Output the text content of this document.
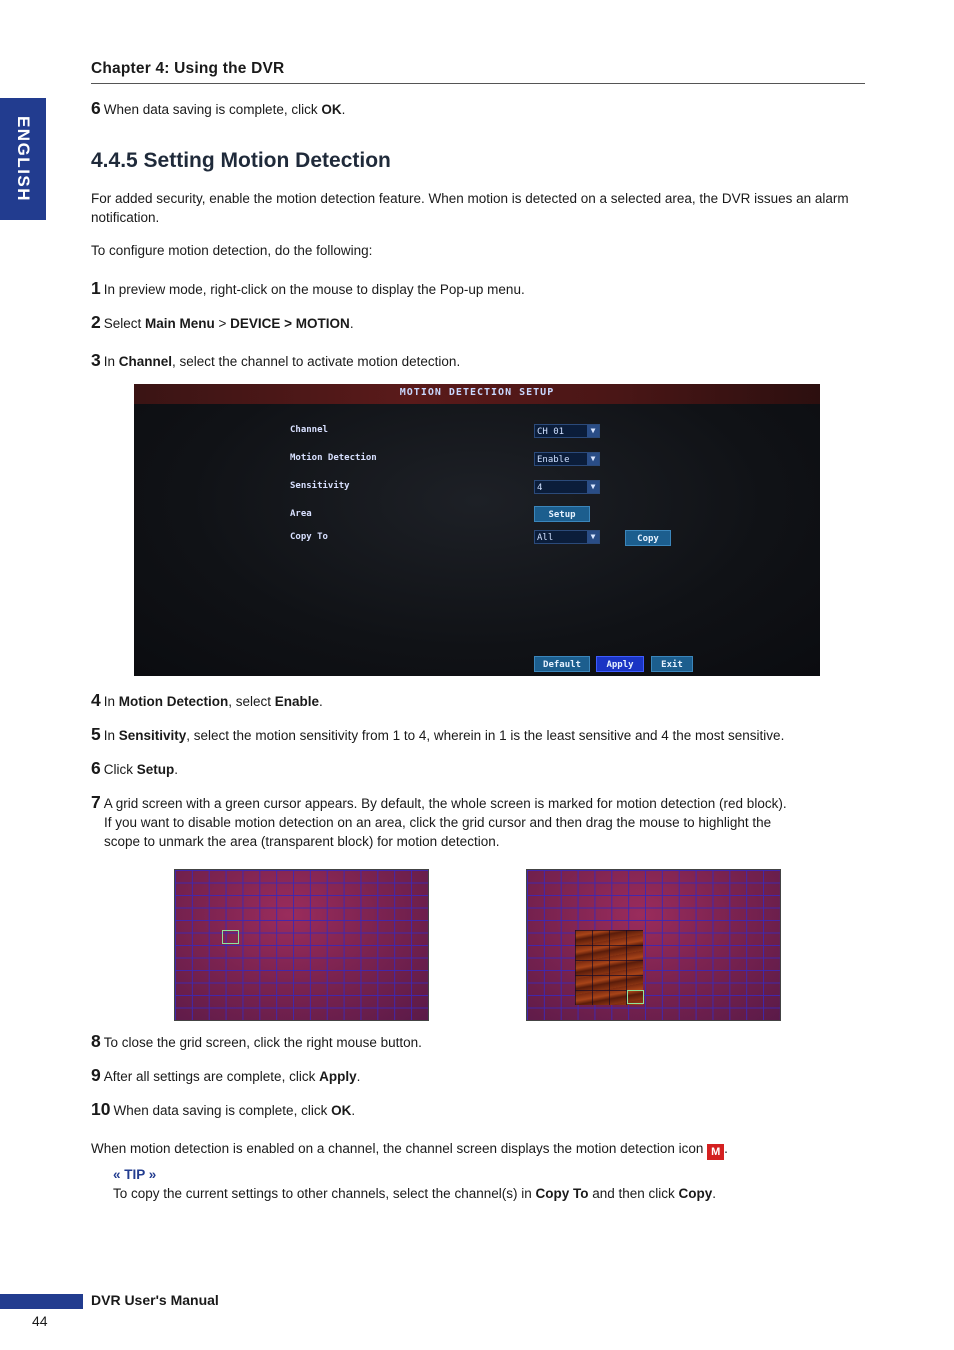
Chapter 4: Using the DVR
ENGLISH
6 When data saving is complete, click OK.
4.4.5 Setting Motion Detection
For added security, enable the motion detection feature. When motion is detected on a selected area, the DVR issues an alarm notification.
To configure motion detection, do the following:
1 In preview mode, right-click on the mouse to display the Pop-up menu.
2 Select Main Menu > DEVICE > MOTION.
3 In Channel, select the channel to activate motion detection.
MOTION DETECTION SETUP
Channel	CH 01	▼
Motion Detection	Enable	▼
Sensitivity	4	▼
Area	Setup
Copy To	All	▼	Copy
Default	Apply	Exit
4 In Motion Detection, select Enable.
5 In Sensitivity, select the motion sensitivity from 1 to 4, wherein in 1 is the least sensitive and 4 the most sensitive.
6 Click Setup.
7 A grid screen with a green cursor appears. By default, the whole screen is marked for motion detection (red block).
If you want to disable motion detection on an area, click the grid cursor and then drag the mouse to highlight the
scope to unmark the area (transparent block) for motion detection.
8 To close the grid screen, click the right mouse button.
9 After all settings are complete, click Apply.
10 When data saving is complete, click OK.
When motion detection is enabled on a channel, the channel screen displays the motion detection icon M .
« TIP »
To copy the current settings to other channels, select the channel(s) in Copy To and then click Copy.
DVR User's Manual
44
